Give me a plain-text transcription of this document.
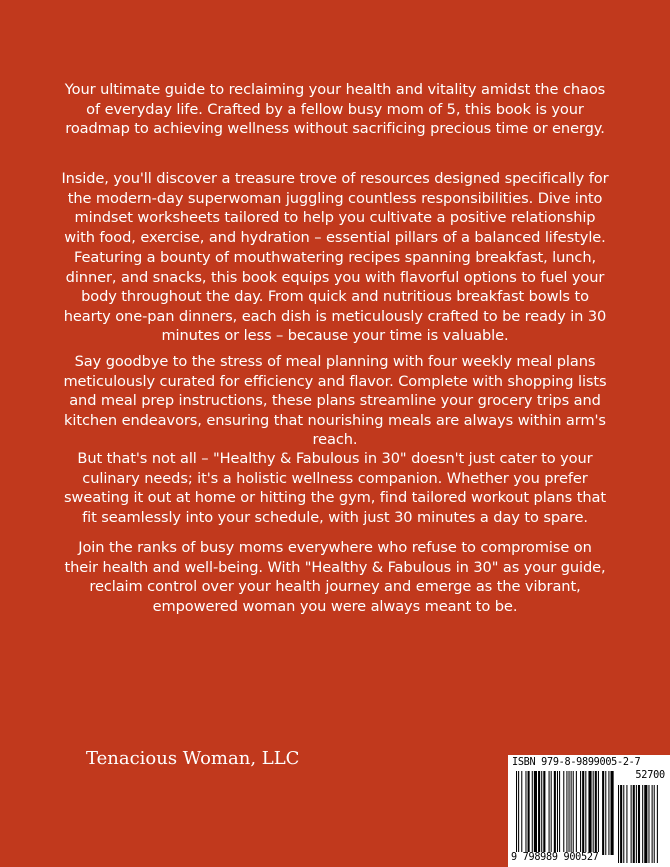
Your ultimate guide to reclaiming your health and vitality amidst the chaos of everyday life. Crafted by a fellow busy mom of 5, this book is your roadmap to achieving wellness without sacrificing precious time or energy.

Inside, you'll discover a treasure trove of resources designed specifically for the modern-day superwoman juggling countless responsibilities. Dive into mindset worksheets tailored to help you cultivate a positive relationship with food, exercise, and hydration – essential pillars of a balanced lifestyle.

Featuring a bounty of mouthwatering recipes spanning breakfast, lunch, dinner, and snacks, this book equips you with flavorful options to fuel your body throughout the day. From quick and nutritious breakfast bowls to hearty one-pan dinners, each dish is meticulously crafted to be ready in 30 minutes or less – because your time is valuable.

Say goodbye to the stress of meal planning with four weekly meal plans meticulously curated for efficiency and flavor. Complete with shopping lists and meal prep instructions, these plans streamline your grocery trips and kitchen endeavors, ensuring that nourishing meals are always within arm's reach.

But that's not all – "Healthy & Fabulous in 30" doesn't just cater to your culinary needs; it's a holistic wellness companion. Whether you prefer sweating it out at home or hitting the gym, find tailored workout plans that fit seamlessly into your schedule, with just 30 minutes a day to spare.

Join the ranks of busy moms everywhere who refuse to compromise on their health and well-being. With "Healthy & Fabulous in 30" as your guide, reclaim control over your health journey and emerge as the vibrant, empowered woman you were always meant to be.

Tenacious Woman, LLC	ISBN 979-8-9899005-2-7
52700
9 798989 900527
